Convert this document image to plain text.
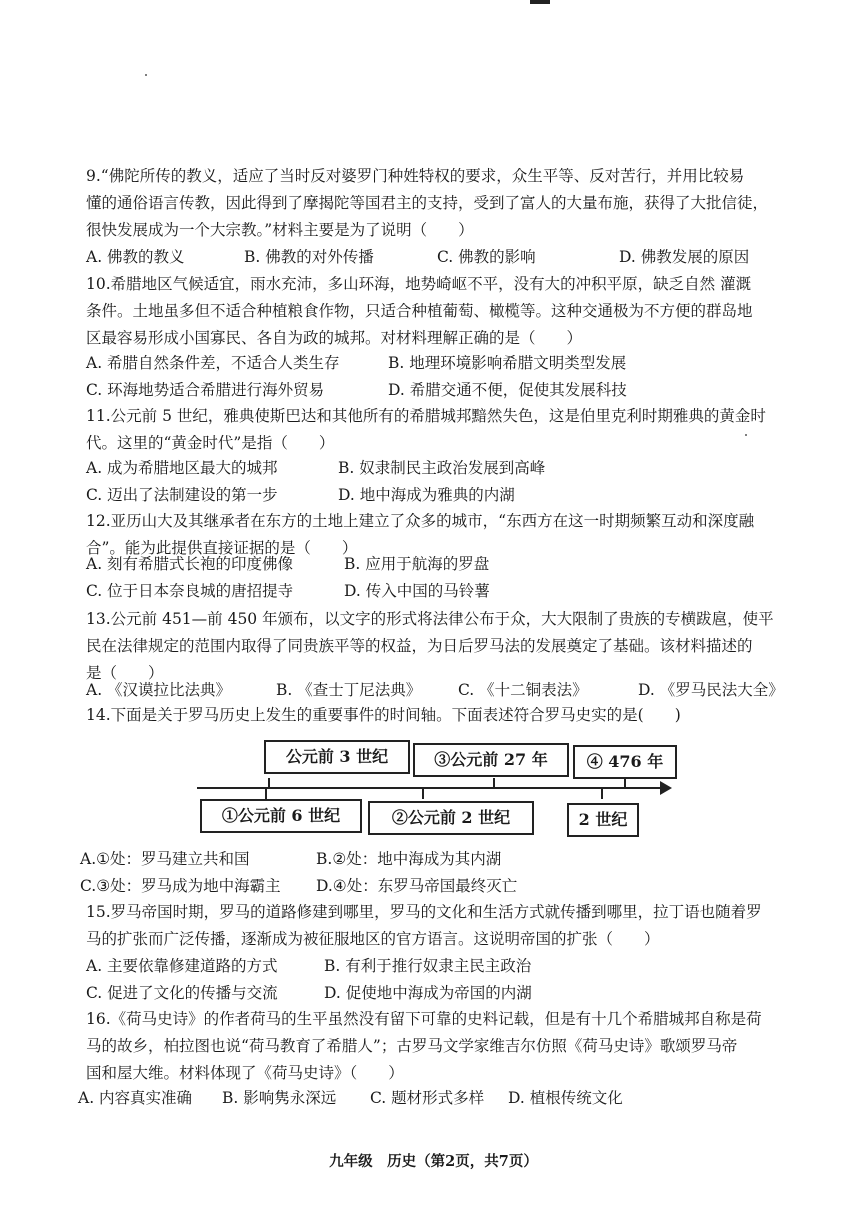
9.“佛陀所传的教义，适应了当时反对婆罗门种姓特权的要求，众生平等、反对苦行，并用比较易
懂的通俗语言传教，因此得到了摩揭陀等国君主的支持，受到了富人的大量布施，获得了大批信徒，
很快发展成为一个大宗教。”材料主要是为了说明（　　）
A. 佛教的教义	B. 佛教的对外传播	C. 佛教的影响	D. 佛教发展的原因
10.希腊地区气候适宜，雨水充沛，多山环海，地势崎岖不平，没有大的冲积平原，缺乏自然 灌溉
条件。土地虽多但不适合种植粮食作物，只适合种植葡萄、橄榄等。这种交通极为不方便的群岛地
区最容易形成小国寡民、各自为政的城邦。对材料理解正确的是（　　）
A. 希腊自然条件差，不适合人类生存	B. 地理环境影响希腊文明类型发展
C. 环海地势适合希腊进行海外贸易	D. 希腊交通不便，促使其发展科技
11.公元前 5 世纪，雅典使斯巴达和其他所有的希腊城邦黯然失色，这是伯里克利时期雅典的黄金时
代。这里的“黄金时代”是指（　　）
A. 成为希腊地区最大的城邦	B. 奴隶制民主政治发展到高峰
C. 迈出了法制建设的第一步	D. 地中海成为雅典的内湖
12.亚历山大及其继承者在东方的土地上建立了众多的城市，“东西方在这一时期频繁互动和深度融
合”。能为此提供直接证据的是（　　）
A. 刻有希腊式长袍的印度佛像	B. 应用于航海的罗盘
C. 位于日本奈良城的唐招提寺	D. 传入中国的马铃薯
13.公元前 451—前 450 年颁布，以文字的形式将法律公布于众，大大限制了贵族的专横跋扈，使平
民在法律规定的范围内取得了同贵族平等的权益，为日后罗马法的发展奠定了基础。该材料描述的
是（　　）
A. 《汉谟拉比法典》	B. 《查士丁尼法典》 C. 《十二铜表法》	D. 《罗马民法大全》
14.下面是关于罗马历史上发生的重要事件的时间轴。下面表述符合罗马史实的是(　　)
公元前 3 世纪	③公元前 27 年	④ 476 年
①公元前 6 世纪	②公元前 2 世纪	2 世纪
A.①处：罗马建立共和国	B.②处：地中海成为其内湖
C.③处：罗马成为地中海霸主 D.④处：东罗马帝国最终灭亡
15.罗马帝国时期，罗马的道路修建到哪里，罗马的文化和生活方式就传播到哪里，拉丁语也随着罗
马的扩张而广泛传播，逐渐成为被征服地区的官方语言。这说明帝国的扩张（　　）
A. 主要依靠修建道路的方式	B. 有利于推行奴隶主民主政治
C. 促进了文化的传播与交流	D. 促使地中海成为帝国的内湖
16.《荷马史诗》的作者荷马的生平虽然没有留下可靠的史料记载，但是有十几个希腊城邦自称是荷
马的故乡，柏拉图也说“荷马教育了希腊人”；古罗马文学家维吉尔仿照《荷马史诗》歌颂罗马帝
国和屋大维。材料体现了《荷马史诗》（　　）
A. 内容真实准确 B. 影响隽永深远 C. 题材形式多样 D. 植根传统文化
九年级　历史（第2页，共7页）
